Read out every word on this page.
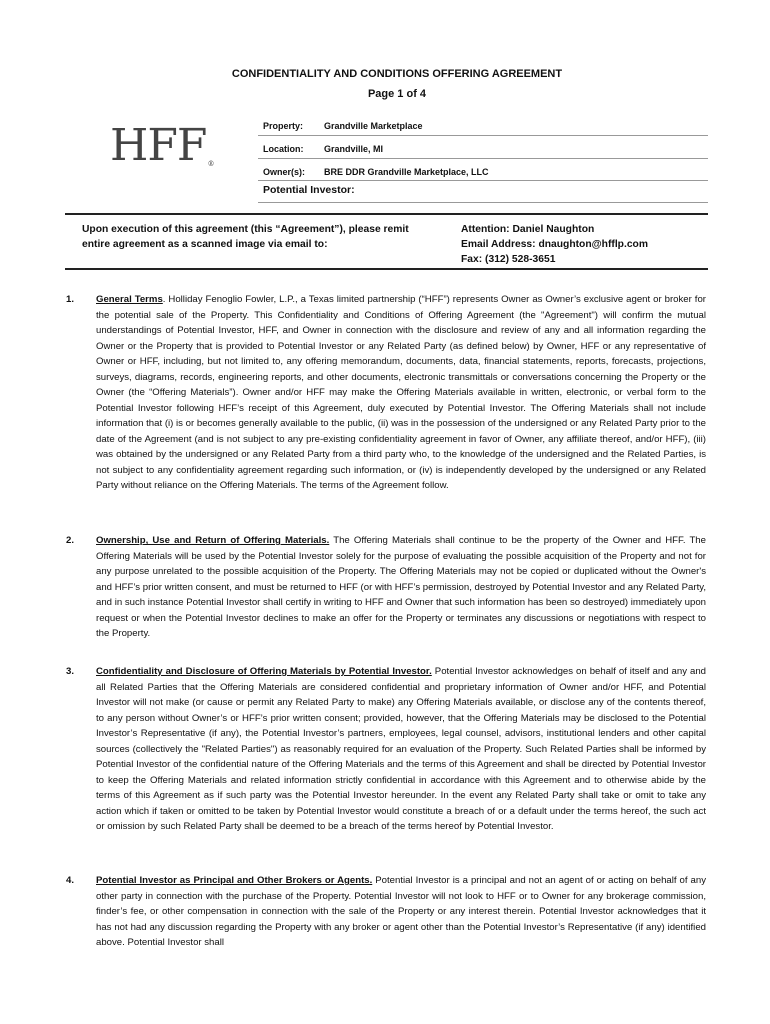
CONFIDENTIALITY AND CONDITIONS OFFERING AGREEMENT
Page 1 of 4
HFF®
Property: Grandville Marketplace
Location: Grandville, MI
Owner(s): BRE DDR Grandville Marketplace, LLC
Potential Investor:
Upon execution of this agreement (this “Agreement”), please remit entire agreement as a scanned image via email to:
Attention: Daniel Naughton
Email Address: dnaughton@hfflp.com
Fax: (312) 528-3651
1. General Terms. Holliday Fenoglio Fowler, L.P., a Texas limited partnership (“HFF”) represents Owner as Owner’s exclusive agent or broker for the potential sale of the Property. This Confidentiality and Conditions of Offering Agreement (the "Agreement") will confirm the mutual understandings of Potential Investor, HFF, and Owner in connection with the disclosure and review of any and all information regarding the Owner or the Property that is provided to Potential Investor or any Related Party (as defined below) by Owner, HFF or any representative of Owner or HFF, including, but not limited to, any offering memorandum, documents, data, financial statements, reports, forecasts, projections, surveys, diagrams, records, engineering reports, and other documents, electronic transmittals or conversations concerning the Property or the Owner (the “Offering Materials”). Owner and/or HFF may make the Offering Materials available in written, electronic, or verbal form to the Potential Investor following HFF’s receipt of this Agreement, duly executed by Potential Investor. The Offering Materials shall not include information that (i) is or becomes generally available to the public, (ii) was in the possession of the undersigned or any Related Party prior to the date of the Agreement (and is not subject to any pre-existing confidentiality agreement in favor of Owner, any affiliate thereof, and/or HFF), (iii) was obtained by the undersigned or any Related Party from a third party who, to the knowledge of the undersigned and the Related Parties, is not subject to any confidentiality agreement regarding such information, or (iv) is independently developed by the undersigned or any Related Party without reliance on the Offering Materials. The terms of the Agreement follow.
2. Ownership, Use and Return of Offering Materials. The Offering Materials shall continue to be the property of the Owner and HFF. The Offering Materials will be used by the Potential Investor solely for the purpose of evaluating the possible acquisition of the Property and not for any purpose unrelated to the possible acquisition of the Property. The Offering Materials may not be copied or duplicated without the Owner's and HFF’s prior written consent, and must be returned to HFF (or with HFF’s permission, destroyed by Potential Investor and any Related Party, and in such instance Potential Investor shall certify in writing to HFF and Owner that such information has been so destroyed) immediately upon request or when the Potential Investor declines to make an offer for the Property or terminates any discussions or negotiations with respect to the Property.
3. Confidentiality and Disclosure of Offering Materials by Potential Investor. Potential Investor acknowledges on behalf of itself and any and all Related Parties that the Offering Materials are considered confidential and proprietary information of Owner and/or HFF, and Potential Investor will not make (or cause or permit any Related Party to make) any Offering Materials available, or disclose any of the contents thereof, to any person without Owner’s or HFF’s prior written consent; provided, however, that the Offering Materials may be disclosed to the Potential Investor’s Representative (if any), the Potential Investor’s partners, employees, legal counsel, advisors, institutional lenders and other capital sources (collectively the "Related Parties") as reasonably required for an evaluation of the Property. Such Related Parties shall be informed by Potential Investor of the confidential nature of the Offering Materials and the terms of this Agreement and shall be directed by Potential Investor to keep the Offering Materials and related information strictly confidential in accordance with this Agreement and to otherwise abide by the terms of this Agreement as if such party was the Potential Investor hereunder. In the event any Related Party shall take or omit to take any action which if taken or omitted to be taken by Potential Investor would constitute a breach of or a default under the terms hereof, the such act or omission by such Related Party shall be deemed to be a breach of the terms hereof by Potential Investor.
4. Potential Investor as Principal and Other Brokers or Agents. Potential Investor is a principal and not an agent of or acting on behalf of any other party in connection with the purchase of the Property. Potential Investor will not look to HFF or to Owner for any brokerage commission, finder’s fee, or other compensation in connection with the sale of the Property or any interest therein. Potential Investor acknowledges that it has not had any discussion regarding the Property with any broker or agent other than the Potential Investor’s Representative (if any) identified above. Potential Investor shall
